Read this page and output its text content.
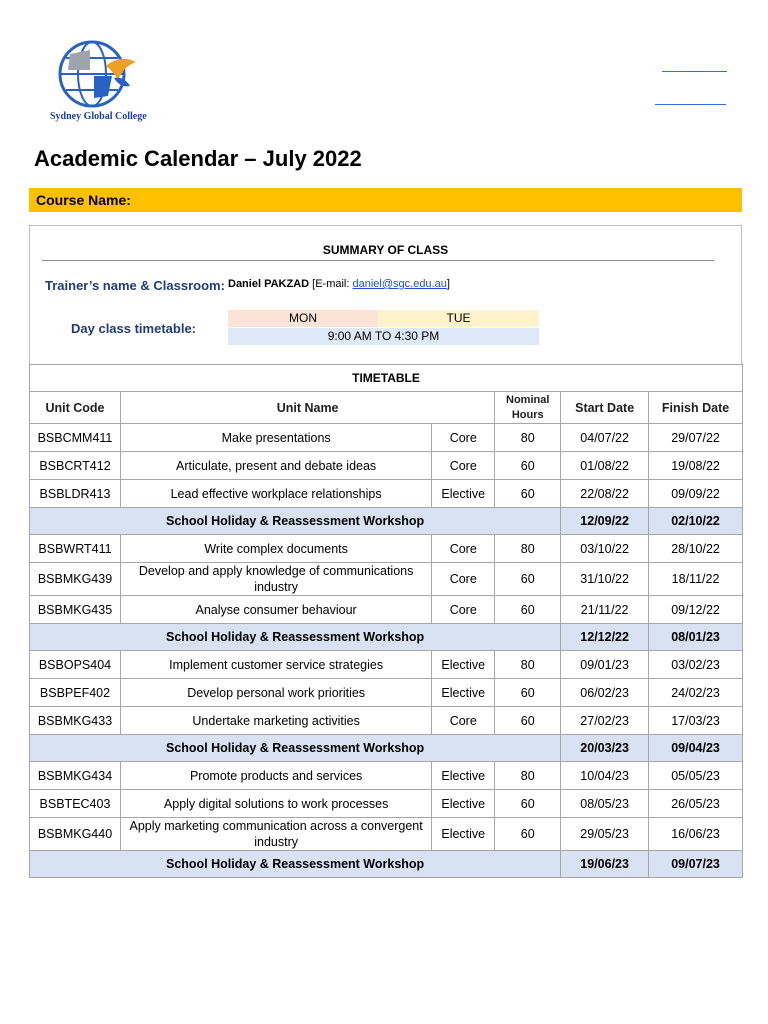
Sydney Global College
Academic Calendar – July 2022
Course Name:
SUMMARY OF CLASS
Trainer’s name & Classroom: Daniel PAKZAD [E-mail: daniel@sgc.edu.au]
Day class timetable:
MON	TUE
9:00 AM TO 4:30 PM
TIMETABLE					
Unit Code	Unit Name		Nominal Hours	Start Date	Finish Date
BSBCMM411	Make presentations	Core	80	04/07/22	29/07/22
BSBCRT412	Articulate, present and debate ideas	Core	60	01/08/22	19/08/22
BSBLDR413	Lead effective workplace relationships	Elective	60	22/08/22	09/09/22
School Holiday & Reassessment Workshop				12/09/22	02/10/22
BSBWRT411	Write complex documents	Core	80	03/10/22	28/10/22
BSBMKG439	Develop and apply knowledge of communications industry	Core	60	31/10/22	18/11/22
BSBMKG435	Analyse consumer behaviour	Core	60	21/11/22	09/12/22
School Holiday & Reassessment Workshop				12/12/22	08/01/23
BSBOPS404	Implement customer service strategies	Elective	80	09/01/23	03/02/23
BSBPEF402	Develop personal work priorities	Elective	60	06/02/23	24/02/23
BSBMKG433	Undertake marketing activities	Core	60	27/02/23	17/03/23
School Holiday & Reassessment Workshop				20/03/23	09/04/23
BSBMKG434	Promote products and services	Elective	80	10/04/23	05/05/23
BSBTEC403	Apply digital solutions to work processes	Elective	60	08/05/23	26/05/23
BSBMKG440	Apply marketing communication across a convergent industry	Elective	60	29/05/23	16/06/23
School Holiday & Reassessment Workshop				19/06/23	09/07/23
